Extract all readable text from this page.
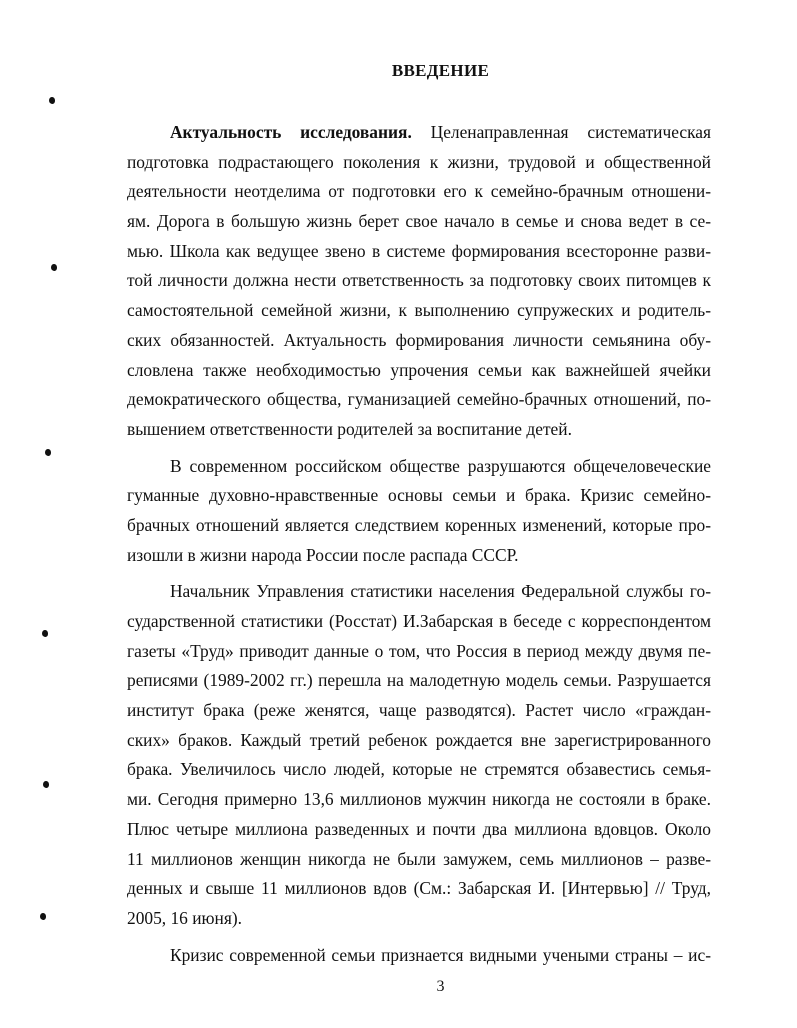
ВВЕДЕНИЕ
Актуальность исследования. Целенаправленная систематическая
подготовка подрастающего поколения к жизни, трудовой и общественной
деятельности неотделима от подготовки его к семейно-брачным отношени-
ям. Дорога в большую жизнь берет свое начало в семье и снова ведет в се-
мью. Школа как ведущее звено в системе формирования всесторонне разви-
той личности должна нести ответственность за подготовку своих питомцев к
самостоятельной семейной жизни, к выполнению супружеских и родитель-
ских обязанностей. Актуальность формирования личности семьянина обу-
словлена также необходимостью упрочения семьи как важнейшей ячейки
демократического общества, гуманизацией семейно-брачных отношений, по-
вышением ответственности родителей за воспитание детей.
В современном российском обществе разрушаются общечеловеческие
гуманные духовно-нравственные основы семьи и брака. Кризис семейно-
брачных отношений является следствием коренных изменений, которые про-
изошли в жизни народа России после распада СССР.
Начальник Управления статистики населения Федеральной службы го-
сударственной статистики (Росстат) И.Забарская в беседе с корреспондентом
газеты «Труд» приводит данные о том, что Россия в период между двумя пе-
реписями (1989-2002 гг.) перешла на малодетную модель семьи. Разрушается
институт брака (реже женятся, чаще разводятся). Растет число «граждан-
ских» браков. Каждый третий ребенок рождается вне зарегистрированного
брака. Увеличилось число людей, которые не стремятся обзавестись семья-
ми. Сегодня примерно 13,6 миллионов мужчин никогда не состояли в браке.
Плюс четыре миллиона разведенных и почти два миллиона вдовцов. Около
11 миллионов женщин никогда не были замужем, семь миллионов – разве-
денных и свыше 11 миллионов вдов (См.: Забарская И. [Интервью] // Труд,
2005, 16 июня).
Кризис современной семьи признается видными учеными страны – ис-
3
